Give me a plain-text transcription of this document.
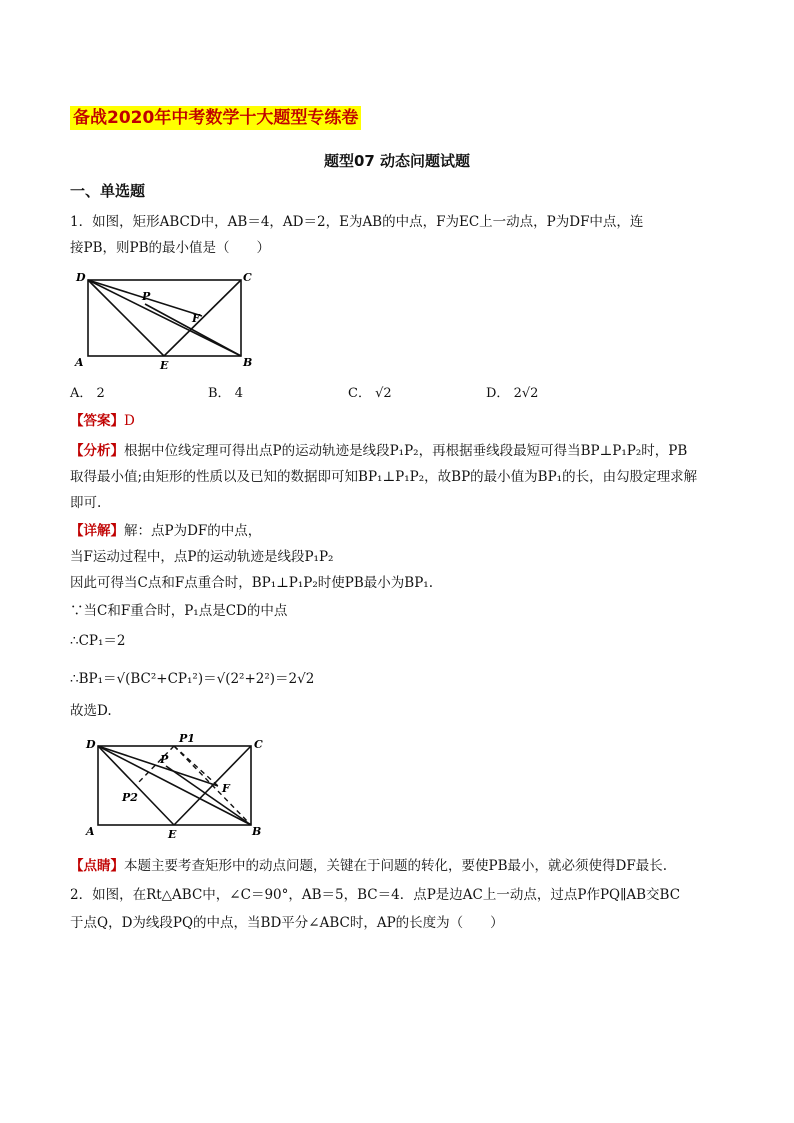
备战2020年中考数学十大题型专练卷
题型07 动态问题试题
一、单选题
1．如图，矩形ABCD中，AB＝4，AD＝2，E为AB的中点，F为EC上一动点，P为DF中点，连
接PB，则PB的最小值是（　　）
D	C
P
F
A	E	B
A． 2	B． 4	C． √2	D． 2√2
【答案】D
【分析】根据中位线定理可得出点P的运动轨迹是线段P₁P₂，再根据垂线段最短可得当BP⊥P₁P₂时，PB
取得最小值;由矩形的性质以及已知的数据即可知BP₁⊥P₁P₂，故BP的最小值为BP₁的长，由勾股定理求解
即可.
【详解】解：点P为DF的中点，
当F运动过程中，点P的运动轨迹是线段P₁P₂
因此可得当C点和F点重合时，BP₁⊥P₁P₂时使PB最小为BP₁.
∵当C和F重合时，P₁点是CD的中点
∴CP₁＝2
∴BP₁＝√(BC²+CP₁²)＝√(2²+2²)＝2√2
故选D.
D	P1	C
P
F
P2
A	E	B
【点睛】本题主要考查矩形中的动点问题，关键在于问题的转化，要使PB最小，就必须使得DF最长.
2．如图，在Rt△ABC中，∠C＝90°，AB＝5，BC＝4．点P是边AC上一动点，过点P作PQ∥AB交BC
于点Q，D为线段PQ的中点，当BD平分∠ABC时，AP的长度为（　　）
